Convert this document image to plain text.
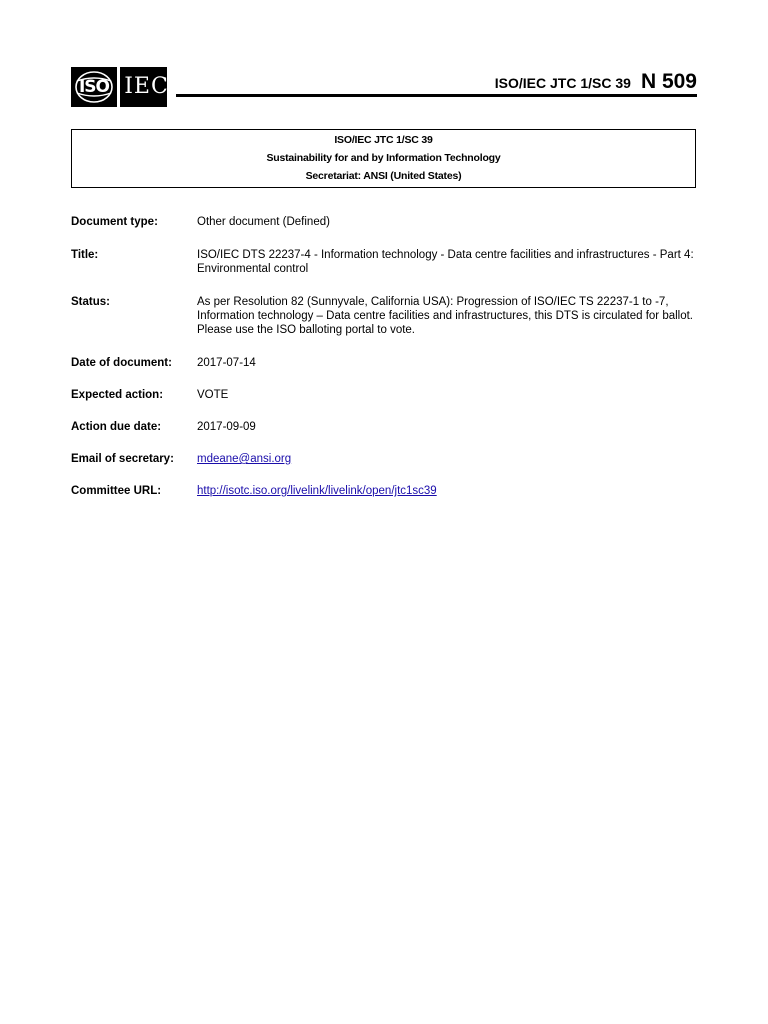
ISO IEC	ISO/IEC JTC 1/SC 39 N 509
ISO/IEC JTC 1/SC 39
Sustainability for and by Information Technology
Secretariat: ANSI (United States)
Document type:	Other document (Defined)
Title:	ISO/IEC DTS 22237-4 - Information technology - Data centre facilities and infrastructures - Part 4:
Environmental control
Status:	As per Resolution 82 (Sunnyvale, California USA): Progression of ISO/IEC TS 22237-1 to -7,
Information technology – Data centre facilities and infrastructures, this DTS is circulated for ballot.
Please use the ISO balloting portal to vote.
Date of document:	2017-07-14
Expected action:	VOTE
Action due date:	2017-09-09
Email of secretary:	mdeane@ansi.org
Committee URL:	http://isotc.iso.org/livelink/livelink/open/jtc1sc39
